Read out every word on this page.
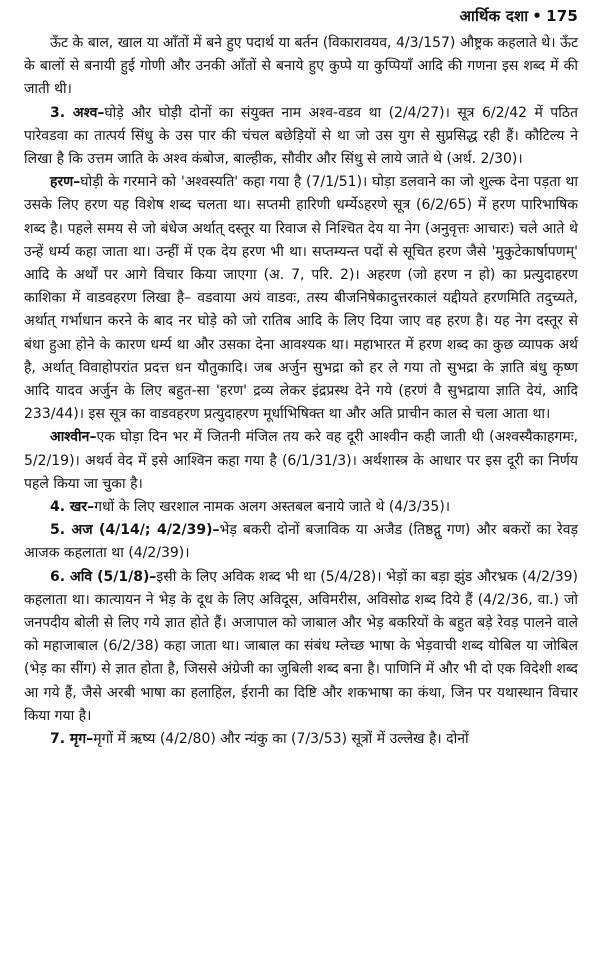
आर्थिक दशा • 175

ऊँट के बाल, खाल या आँतों में बने हुए पदार्थ या बर्तन (विकारावयव, 4/3/157) औष्ट्रक कहलाते थे। ऊँट के बालों से बनायी हुई गोणी और उनकी आँतों से बनाये हुए कुप्पे या कुप्पियाँ आदि की गणना इस शब्द में की जाती थी।

3. अश्व–घोड़े और घोड़ी दोनों का संयुक्त नाम अश्व-वडव था (2/4/27)। सूत्र 6/2/42 में पठित पारेवडवा का तात्पर्य सिंधु के उस पार की चंचल बछेड़ियों से था जो उस युग से सुप्रसिद्ध रही हैं। कौटिल्य ने लिखा है कि उत्तम जाति के अश्व कंबोज, बाल्हीक, सौवीर और सिंधु से लाये जाते थे (अर्थ. 2/30)।

हरण–घोड़ी के गरमाने को 'अश्वस्यति' कहा गया है (7/1/51)। घोड़ा डलवाने का जो शुल्क देना पड़ता था उसके लिए हरण यह विशेष शब्द चलता था। सप्तमी हारिणी धर्म्येऽहरणे सूत्र (6/2/65) में हरण पारिभाषिक शब्द है। पहले समय से जो बंधेज अर्थात् दस्तूर या रिवाज से निश्चित देय या नेग (अनुवृत्तः आचारः) चले आते थे उन्हें धर्म्य कहा जाता था। उन्हीं में एक देय हरण भी था। सप्तम्यन्त पदों से सूचित हरण जैसे 'मुकुटेकार्षापणम्' आदि के अर्थों पर आगे विचार किया जाएगा (अ. 7, परि. 2)। अहरण (जो हरण न हो) का प्रत्युदाहरण काशिका में वाडवहरण लिखा है– वडवाया अयं वाडवः, तस्य बीजनिषेकादुत्तरकालं यद्दीयते हरणमिति तदुच्यते, अर्थात् गर्भाधान करने के बाद नर घोड़े को जो रातिब आदि के लिए दिया जाए वह हरण है। यह नेग दस्तूर से बंधा हुआ होने के कारण धर्म्य था और उसका देना आवश्यक था। महाभारत में हरण शब्द का कुछ व्यापक अर्थ है, अर्थात् विवाहोपरांत प्रदत्त धन यौतुकादि। जब अर्जुन सुभद्रा को हर ले गया तो सुभद्रा के ज्ञाति बंधु कृष्ण आदि यादव अर्जुन के लिए बहुत-सा 'हरण' द्रव्य लेकर इंद्रप्रस्थ देने गये (हरणं वै सुभद्राया ज्ञाति देयं, आदि 233/44)। इस सूत्र का वाडवहरण प्रत्युदाहरण मूर्धाभिषिक्त था और अति प्राचीन काल से चला आता था।

आश्वीन–एक घोड़ा दिन भर में जितनी मंजिल तय करे वह दूरी आश्वीन कही जाती थी (अश्वस्यैकाहगमः, 5/2/19)। अथर्व वेद में इसे आश्विन कहा गया है (6/1/31/3)। अर्थशास्त्र के आधार पर इस दूरी का निर्णय पहले किया जा चुका है।

4. खर–गधों के लिए खरशाल नामक अलग अस्तबल बनाये जाते थे (4/3/35)।

5. अज (4/14/; 4/2/39)–भेड़ बकरी दोनों बजाविक या अजैड (तिष्ठद्गु गण) और बकरों का रेवड़ आजक कहलाता था (4/2/39)।

6. अवि (5/1/8)–इसी के लिए अविक शब्द भी था (5/4/28)। भेड़ों का बड़ा झुंड औरभ्रक (4/2/39) कहलाता था। कात्यायन ने भेड़ के दूध के लिए अविदूस, अविमरीस, अविसोढ शब्द दिये हैं (4/2/36, वा.) जो जनपदीय बोली से लिए गये ज्ञात होते हैं। अजापाल को जाबाल और भेड़ बकरियों के बहुत बड़े रेवड़ पालने वाले को महाजाबाल (6/2/38) कहा जाता था। जाबाल का संबंध म्लेच्छ भाषा के भेड़वाची शब्द योबिल या जोबिल (भेड़ का सींग) से ज्ञात होता है, जिससे अंग्रेजी का जुबिली शब्द बना है। पाणिनि में और भी दो एक विदेशी शब्द आ गये हैं, जैसे अरबी भाषा का हलाहिल, ईरानी का दिष्टि और शकभाषा का कंथा, जिन पर यथास्थान विचार किया गया है।

7. मृग–मृगों में ऋष्य (4/2/80) और न्यंकु का (7/3/53) सूत्रों में उल्लेख है। दोनों
